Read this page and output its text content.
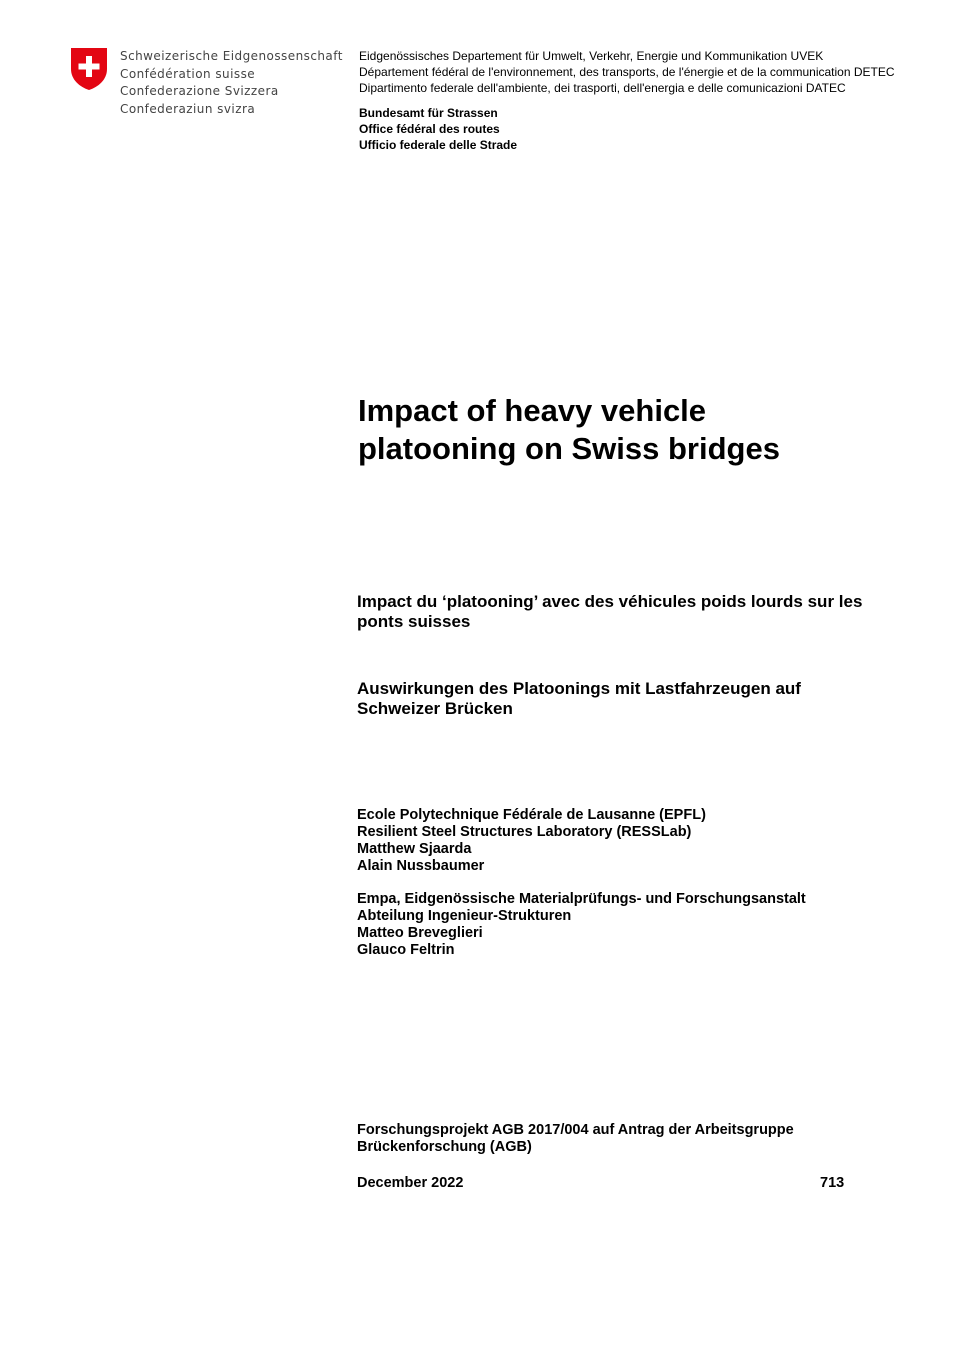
Schweizerische Eidgenossenschaft
Confédération suisse
Confederazione Svizzera
Confederaziun svizra
Eidgenössisches Departement für Umwelt, Verkehr, Energie und Kommunikation UVEK
Département fédéral de l'environnement, des transports, de l'énergie et de la communication DETEC
Dipartimento federale dell'ambiente, dei trasporti, dell'energia e delle comunicazioni DATEC
Bundesamt für Strassen
Office fédéral des routes
Ufficio federale delle Strade
Impact of heavy vehicle
platooning on Swiss bridges
Impact du ‘platooning’ avec des véhicules poids lourds sur les ponts suisses
Auswirkungen des Platoonings mit Lastfahrzeugen auf Schweizer Brücken
Ecole Polytechnique Fédérale de Lausanne (EPFL)
Resilient Steel Structures Laboratory (RESSLab)
Matthew Sjaarda
Alain Nussbaumer
Empa, Eidgenössische Materialprüfungs- und Forschungsanstalt
Abteilung Ingenieur-Strukturen
Matteo Breveglieri
Glauco Feltrin
Forschungsprojekt AGB 2017/004 auf Antrag der Arbeitsgruppe Brückenforschung (AGB)
December 2022	713
